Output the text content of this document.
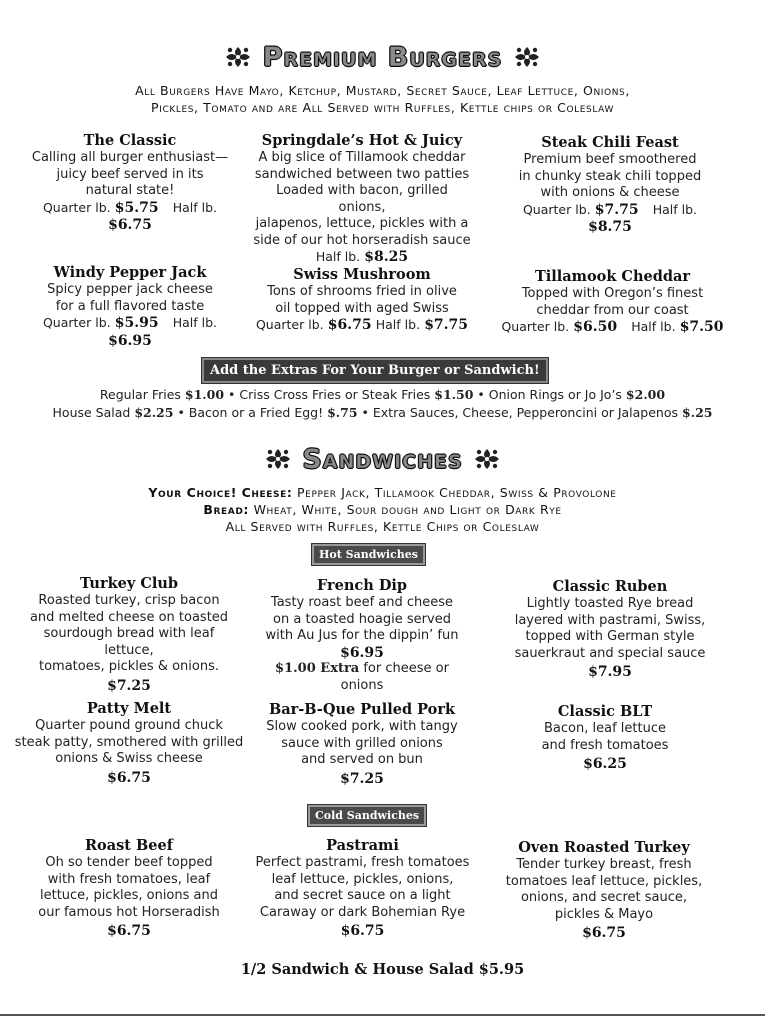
Premium Burgers
All Burgers Have Mayo, Ketchup, Mustard, Secret Sauce, Leaf Lettuce, Onions,
Pickles, Tomato and are All Served with Ruffles, Kettle chips or Coleslaw
The Classic
Calling all burger enthusiast—
juicy beef served in its
natural state!
Quarter lb. $5.75 Half lb. $6.75
Springdale’s Hot & Juicy
A big slice of Tillamook cheddar
sandwiched between two patties
Loaded with bacon, grilled onions,
jalapenos, lettuce, pickles with a
side of our hot horseradish sauce
Half lb. $8.25
Steak Chili Feast
Premium beef smoothered
in chunky steak chili topped
with onions & cheese
Quarter lb. $7.75 Half lb. $8.75
Windy Pepper Jack
Spicy pepper jack cheese
for a full flavored taste
Quarter lb. $5.95 Half lb. $6.95
Swiss Mushroom
Tons of shrooms fried in olive
oil topped with aged Swiss
Quarter lb. $6.75 Half lb. $7.75
Tillamook Cheddar
Topped with Oregon’s finest
cheddar from our coast
Quarter lb. $6.50 Half lb. $7.50
Add the Extras For Your Burger or Sandwich!
Regular Fries $1.00 • Criss Cross Fries or Steak Fries $1.50 • Onion Rings or Jo Jo’s $2.00
House Salad $2.25 • Bacon or a Fried Egg! $.75 • Extra Sauces, Cheese, Pepperoncini or Jalapenos $.25
Sandwiches
Your Choice! Cheese: Pepper Jack, Tillamook Cheddar, Swiss & Provolone
Bread: Wheat, White, Sour dough and Light or Dark Rye
All Served with Ruffles, Kettle Chips or Coleslaw
Hot Sandwiches
Turkey Club
Roasted turkey, crisp bacon
and melted cheese on toasted
sourdough bread with leaf lettuce,
tomatoes, pickles & onions.
$7.25
French Dip
Tasty roast beef and cheese
on a toasted hoagie served
with Au Jus for the dippin’ fun
$6.95
$1.00 Extra for cheese or onions
Classic Ruben
Lightly toasted Rye bread
layered with pastrami, Swiss,
topped with German style
sauerkraut and special sauce
$7.95
Patty Melt
Quarter pound ground chuck
steak patty, smothered with grilled
onions & Swiss cheese
$6.75
Bar-B-Que Pulled Pork
Slow cooked pork, with tangy
sauce with grilled onions
and served on bun
$7.25
Classic BLT
Bacon, leaf lettuce
and fresh tomatoes
$6.25
Cold Sandwiches
Roast Beef
Oh so tender beef topped
with fresh tomatoes, leaf
lettuce, pickles, onions and
our famous hot Horseradish
$6.75
Pastrami
Perfect pastrami, fresh tomatoes
leaf lettuce, pickles, onions,
and secret sauce on a light
Caraway or dark Bohemian Rye
$6.75
Oven Roasted Turkey
Tender turkey breast, fresh
tomatoes leaf lettuce, pickles,
onions, and secret sauce,
pickles & Mayo
$6.75
1/2 Sandwich & House Salad $5.95
